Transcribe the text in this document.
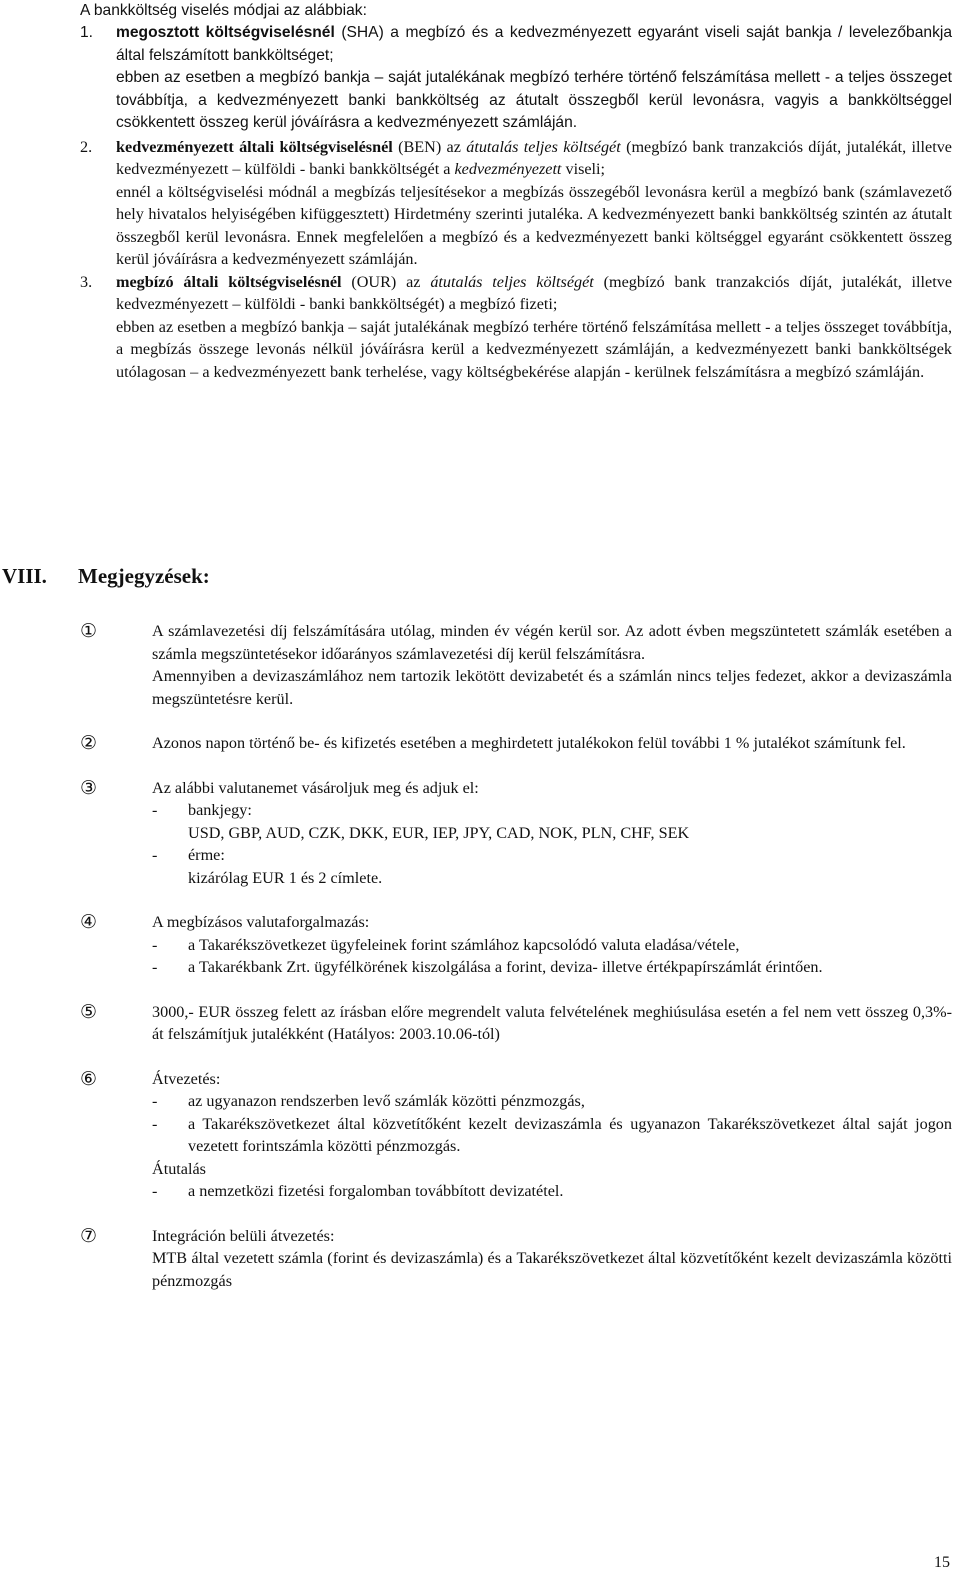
A bankköltség viselés módjai az alábbiak:
1.	megosztott költségviselésnél (SHA) a megbízó és a kedvezményezett egyaránt viseli saját bankja / levelezőbankja által felszámított bankköltséget;

ebben az esetben a megbízó bankja – saját jutalékának megbízó terhére történő felszámítása mellett - a teljes összeget továbbítja, a kedvezményezett banki bankköltség az átutalt összegből kerül levonásra, vagyis a bankköltséggel csökkentett összeg kerül jóváírásra a kedvezményezett számláján.

2.	kedvezményezett általi költségviselésnél (BEN) az átutalás teljes költségét (megbízó bank tranzakciós díját, jutalékát, illetve kedvezményezett – külföldi - banki bankköltségét a kedvezményezett viseli;

ennél a költségviselési módnál a megbízás teljesítésekor a megbízás összegéből levonásra kerül a megbízó bank (számlavezető hely hivatalos helyiségében kifüggesztett) Hirdetmény szerinti jutaléka. A kedvezményezett banki bankköltség szintén az átutalt összegből kerül levonásra. Ennek megfelelően a megbízó és a kedvezményezett banki költséggel egyaránt csökkentett összeg kerül jóváírásra a kedvezményezett számláján.

3.	megbízó általi költségviselésnél (OUR) az átutalás teljes költségét (megbízó bank tranzakciós díját, jutalékát, illetve kedvezményezett – külföldi - banki bankköltségét) a megbízó fizeti;

ebben az esetben a megbízó bankja – saját jutalékának megbízó terhére történő felszámítása mellett - a teljes összeget továbbítja, a megbízás összege levonás nélkül jóváírásra kerül a kedvezményezett számláján, a kedvezményezett banki bankköltségek utólagosan – a kedvezményezett bank terhelése, vagy költségbekérése alapján - kerülnek felszámításra a megbízó számláján.

VIII. Megjegyzések:
①	A számlavezetési díj felszámítására utólag, minden év végén kerül sor. Az adott évben megszüntetett számlák esetében a számla megszüntetésekor időarányos számlavezetési díj kerül felszámításra.

Amennyiben a devizaszámlához nem tartozik lekötött devizabetét és a számlán nincs teljes fedezet, akkor a devizaszámla megszüntetésre kerül.

②	Azonos napon történő be- és kifizetés esetében a meghirdetett jutalékokon felül további 1 % jutalékot számítunk fel.

③	Az alábbi valutanemet vásároljuk meg és adjuk el:

- bankjegy:
USD, GBP, AUD, CZK, DKK, EUR, IEP, JPY, CAD, NOK, PLN, CHF, SEK
- érme:
kizárólag EUR 1 és 2 címlete.
④	A megbízásos valutaforgalmazás:

- a Takarékszövetkezet ügyfeleinek forint számlához kapcsolódó valuta eladása/vétele,
- a Takarékbank Zrt. ügyfélkörének kiszolgálása a forint, deviza- illetve értékpapírszámlát érintően.
⑤	3000,- EUR összeg felett az írásban előre megrendelt valuta felvételének meghiúsulása esetén a fel nem vett összeg 0,3%-át felszámítjuk jutalékként (Hatályos: 2003.10.06-tól)

⑥	Átvezetés:

- az ugyanazon rendszerben levő számlák közötti pénzmozgás,
- a Takarékszövetkezet által közvetítőként kezelt devizaszámla és ugyanazon Takarékszövetkezet által saját jogon vezetett forintszámla közötti pénzmozgás.

Átutalás

- a nemzetközi fizetési forgalomban továbbított devizatétel.
⑦	Integráción belüli átvezetés:

MTB által vezetett számla (forint és devizaszámla) és a Takarékszövetkezet által közvetítőként kezelt devizaszámla közötti pénzmozgás

15
